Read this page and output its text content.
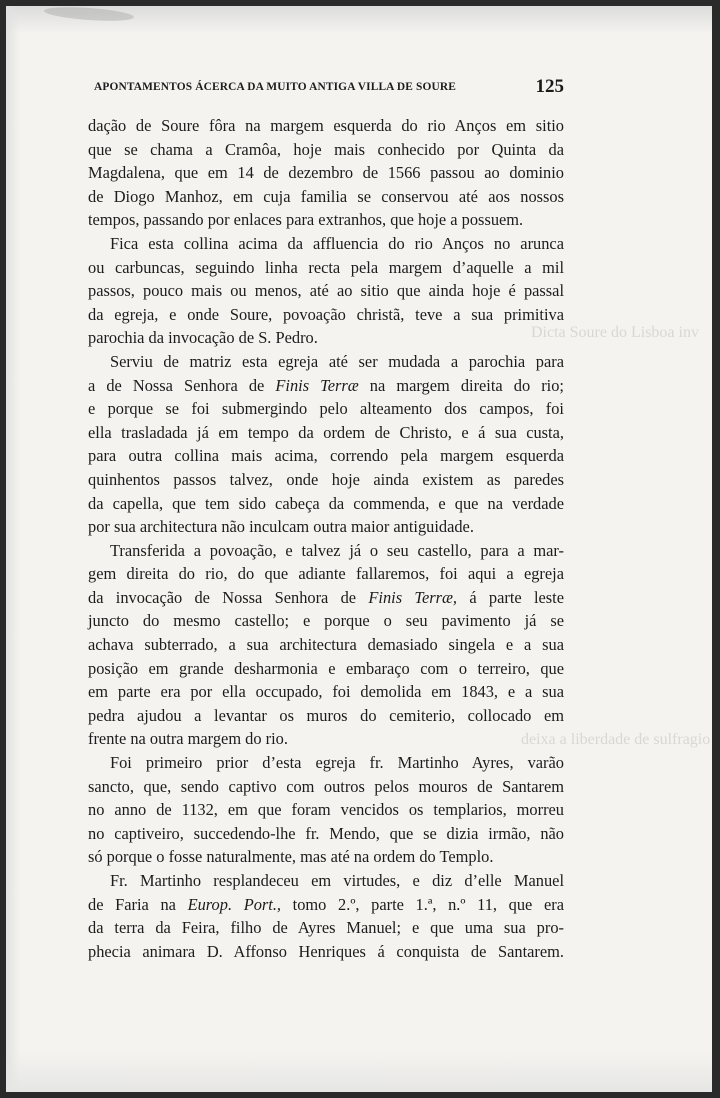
Dicta Soure do Lisboa inv
deixa a liberdade de sulfragio
APONTAMENTOS ÁCERCA DA MUITO ANTIGA VILLA DE SOURE	125
dação de Soure fôra na margem esquerda do rio Anços em sitio
que se chama a Cramôa, hoje mais conhecido por Quinta da
Magdalena, que em 14 de dezembro de 1566 passou ao dominio
de Diogo Manhoz, em cuja familia se conservou até aos nossos
tempos, passando por enlaces para extranhos, que hoje a possuem.
Fica esta collina acima da affluencia do rio Anços no arunca
ou carbuncas, seguindo linha recta pela margem d’aquelle a mil
passos, pouco mais ou menos, até ao sitio que ainda hoje é passal
da egreja, e onde Soure, povoação christã, teve a sua primitiva
parochia da invocação de S. Pedro.
Serviu de matriz esta egreja até ser mudada a parochia para
a de Nossa Senhora de Finis Terræ na margem direita do rio;
e porque se foi submergindo pelo alteamento dos campos, foi
ella trasladada já em tempo da ordem de Christo, e á sua custa,
para outra collina mais acima, correndo pela margem esquerda
quinhentos passos talvez, onde hoje ainda existem as paredes
da capella, que tem sido cabeça da commenda, e que na verdade
por sua architectura não inculcam outra maior antiguidade.
Transferida a povoação, e talvez já o seu castello, para a mar-
gem direita do rio, do que adiante fallaremos, foi aqui a egreja
da invocação de Nossa Senhora de Finis Terræ, á parte leste
juncto do mesmo castello; e porque o seu pavimento já se
achava subterrado, a sua architectura demasiado singela e a sua
posição em grande desharmonia e embaraço com o terreiro, que
em parte era por ella occupado, foi demolida em 1843, e a sua
pedra ajudou a levantar os muros do cemiterio, collocado em
frente na outra margem do rio.
Foi primeiro prior d’esta egreja fr. Martinho Ayres, varão
sancto, que, sendo captivo com outros pelos mouros de Santarem
no anno de 1132, em que foram vencidos os templarios, morreu
no captiveiro, succedendo-lhe fr. Mendo, que se dizia irmão, não
só porque o fosse naturalmente, mas até na ordem do Templo.
Fr. Martinho resplandeceu em virtudes, e diz d’elle Manuel
de Faria na Europ. Port., tomo 2.º, parte 1.ª, n.º 11, que era
da terra da Feira, filho de Ayres Manuel; e que uma sua pro-
phecia animara D. Affonso Henriques á conquista de Santarem.
